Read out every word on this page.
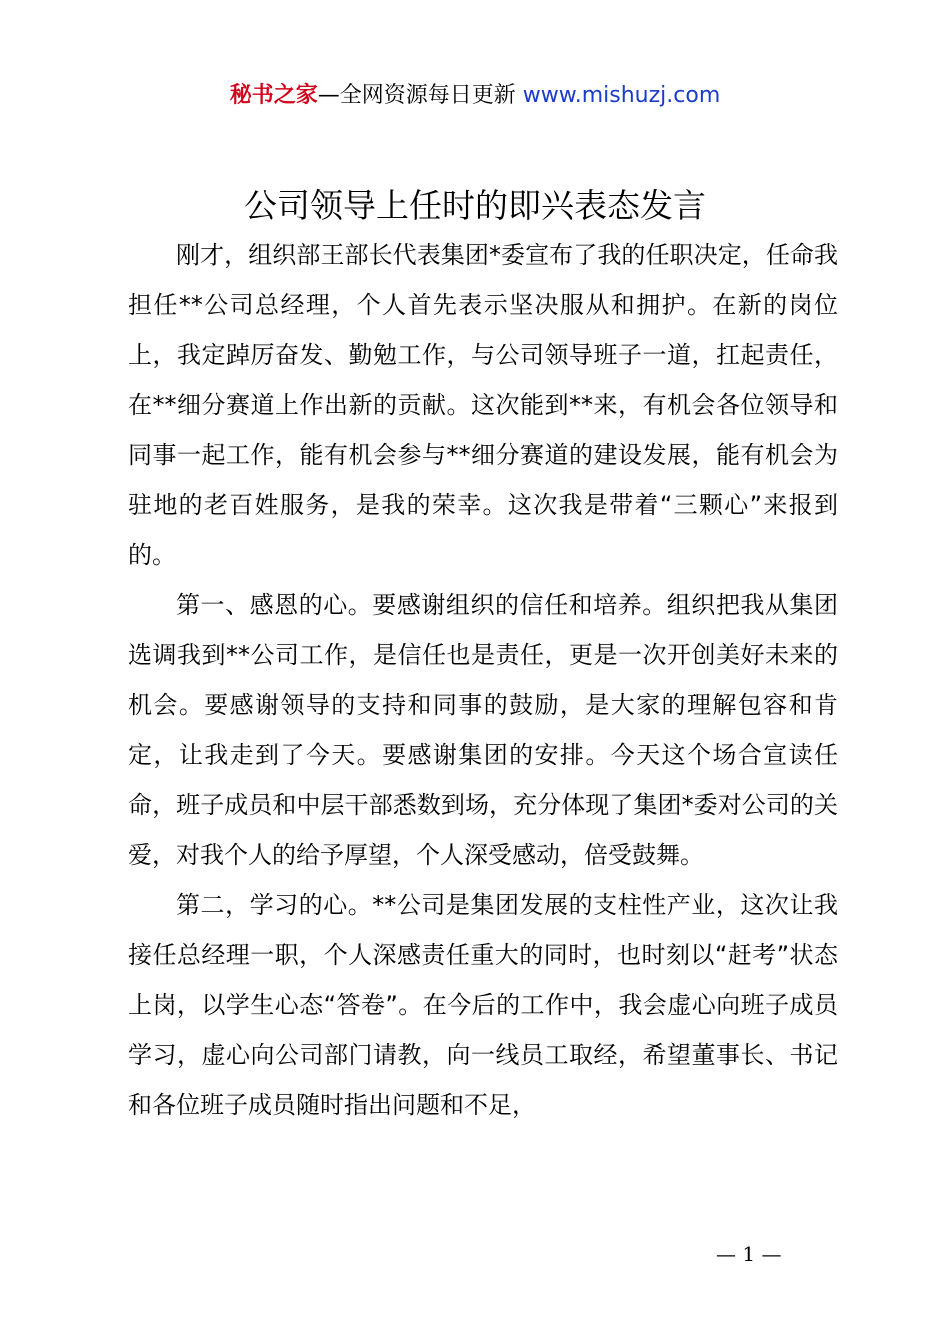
秘书之家—全网资源每日更新 www.mishuzj.com
公司领导上任时的即兴表态发言

刚才，组织部王部长代表集团*委宣布了我的任职决定，任命我担任**公司总经理，个人首先表示坚决服从和拥护。在新的岗位上，我定踔厉奋发、勤勉工作，与公司领导班子一道，扛起责任，在**细分赛道上作出新的贡献。这次能到**来，有机会各位领导和同事一起工作，能有机会参与**细分赛道的建设发展，能有机会为驻地的老百姓服务，是我的荣幸。这次我是带着“三颗心”来报到的。

第一、感恩的心。要感谢组织的信任和培养。组织把我从集团选调我到**公司工作，是信任也是责任，更是一次开创美好未来的机会。要感谢领导的支持和同事的鼓励，是大家的理解包容和肯定，让我走到了今天。要感谢集团的安排。今天这个场合宣读任命，班子成员和中层干部悉数到场，充分体现了集团*委对公司的关爱，对我个人的给予厚望，个人深受感动，倍受鼓舞。

第二，学习的心。**公司是集团发展的支柱性产业，这次让我接任总经理一职，个人深感责任重大的同时，也时刻以“赶考”状态上岗，以学生心态“答卷”。在今后的工作中，我会虚心向班子成员学习，虚心向公司部门请教，向一线员工取经，希望董事长、书记和各位班子成员随时指出问题和不足，

— 1 —
